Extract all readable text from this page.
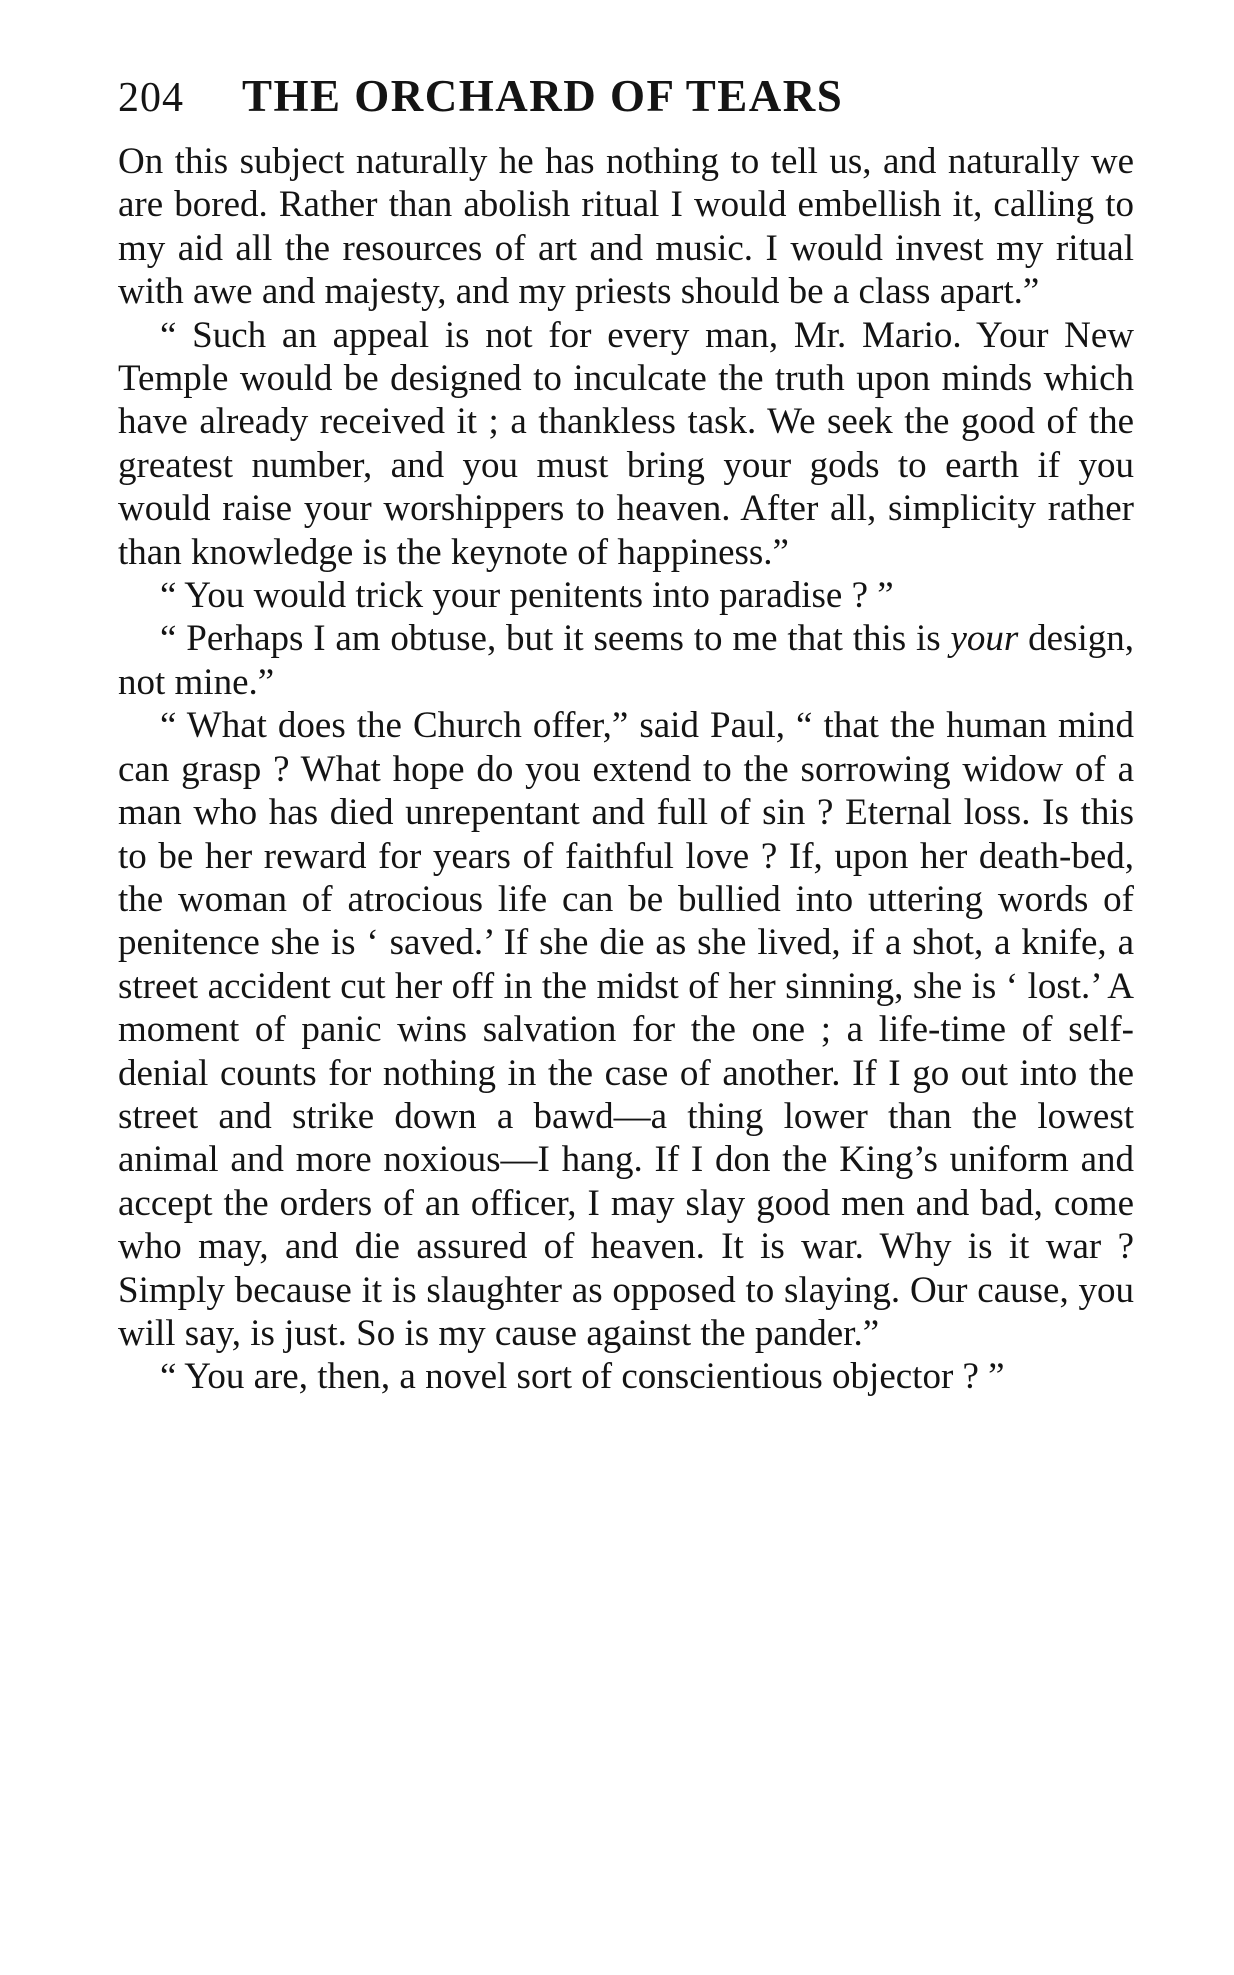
204 THE ORCHARD OF TEARS

On this subject naturally he has nothing to tell us, and naturally we are bored. Rather than abolish ritual I would embellish it, calling to my aid all the resources of art and music. I would invest my ritual with awe and majesty, and my priests should be a class apart.”

“ Such an appeal is not for every man, Mr. Mario. Your New Temple would be designed to inculcate the truth upon minds which have already received it ; a thankless task. We seek the good of the greatest number, and you must bring your gods to earth if you would raise your worshippers to heaven. After all, simplicity rather than knowledge is the keynote of happiness.”

“ You would trick your penitents into paradise ? ”

“ Perhaps I am obtuse, but it seems to me that this is your design, not mine.”

“ What does the Church offer,” said Paul, “ that the human mind can grasp ? What hope do you extend to the sorrowing widow of a man who has died unrepentant and full of sin ? Eternal loss. Is this to be her reward for years of faithful love ? If, upon her death-bed, the woman of atrocious life can be bullied into uttering words of penitence she is ‘ saved.’ If she die as she lived, if a shot, a knife, a street accident cut her off in the midst of her sinning, she is ‘ lost.’ A moment of panic wins salvation for the one ; a life-time of self-denial counts for nothing in the case of another. If I go out into the street and strike down a bawd—a thing lower than the lowest animal and more noxious—I hang. If I don the King’s uniform and accept the orders of an officer, I may slay good men and bad, come who may, and die assured of heaven. It is war. Why is it war ? Simply because it is slaughter as opposed to slaying. Our cause, you will say, is just. So is my cause against the pander.”

“ You are, then, a novel sort of conscientious objector ? ”
